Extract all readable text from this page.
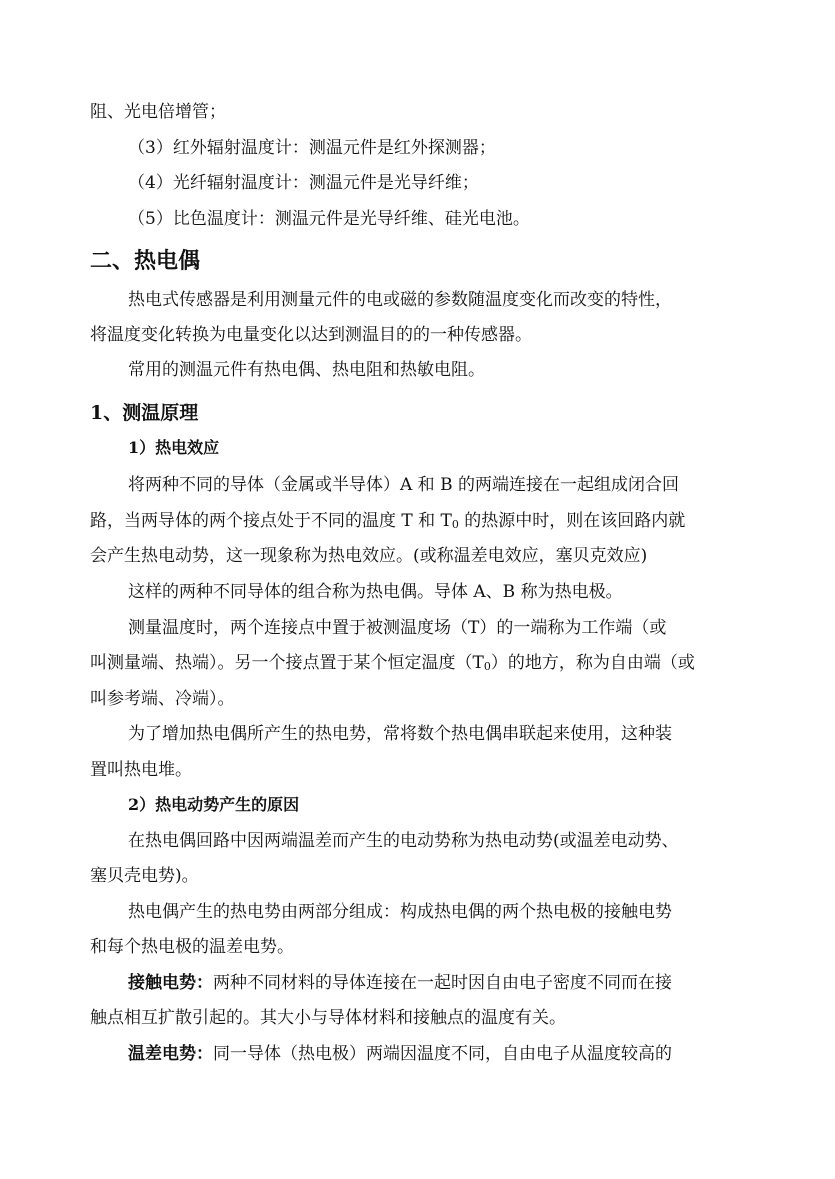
阻、光电倍增管；
（3）红外辐射温度计：测温元件是红外探测器；
（4）光纤辐射温度计：测温元件是光导纤维；
（5）比色温度计：测温元件是光导纤维、硅光电池。
二、热电偶
热电式传感器是利用测量元件的电或磁的参数随温度变化而改变的特性，
将温度变化转换为电量变化以达到测温目的的一种传感器。
常用的测温元件有热电偶、热电阻和热敏电阻。
1、测温原理
1）热电效应
将两种不同的导体（金属或半导体）A 和 B 的两端连接在一起组成闭合回
路，当两导体的两个接点处于不同的温度 T 和 T0 的热源中时，则在该回路内就
会产生热电动势，这一现象称为热电效应。(或称温差电效应，塞贝克效应)
这样的两种不同导体的组合称为热电偶。导体 A、B 称为热电极。
测量温度时，两个连接点中置于被测温度场（T）的一端称为工作端（或
叫测量端、热端）。另一个接点置于某个恒定温度（T0）的地方，称为自由端（或
叫参考端、冷端）。
为了增加热电偶所产生的热电势，常将数个热电偶串联起来使用，这种装
置叫热电堆。
2）热电动势产生的原因
在热电偶回路中因两端温差而产生的电动势称为热电动势(或温差电动势、
塞贝壳电势)。
热电偶产生的热电势由两部分组成：构成热电偶的两个热电极的接触电势
和每个热电极的温差电势。
接触电势：两种不同材料的导体连接在一起时因自由电子密度不同而在接
触点相互扩散引起的。其大小与导体材料和接触点的温度有关。
温差电势：同一导体（热电极）两端因温度不同，自由电子从温度较高的
